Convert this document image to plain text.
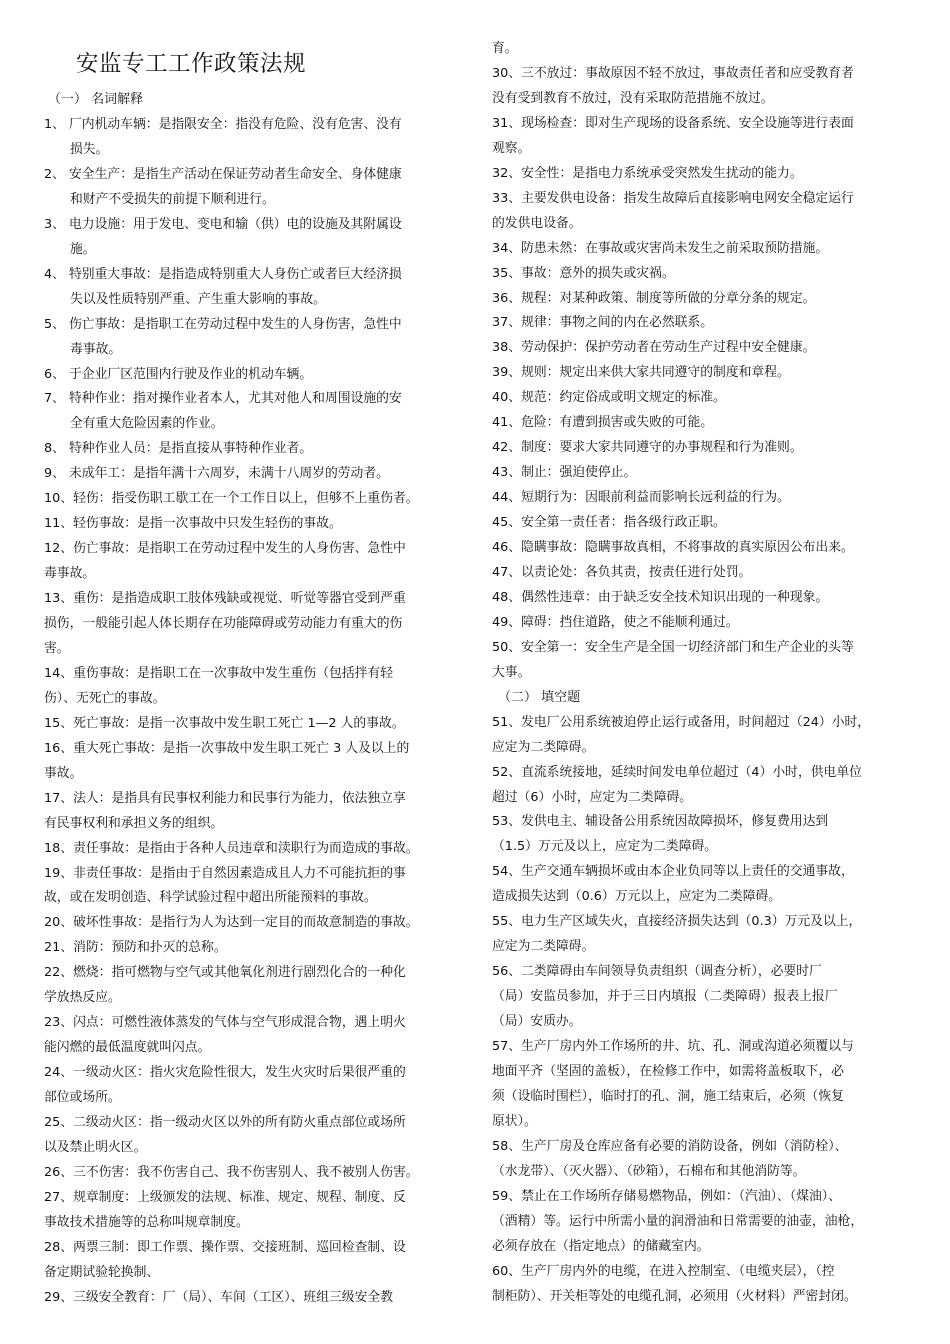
安监专工工作政策法规
（一） 名词解释
1、 厂内机动车辆：是指限安全：指没有危险、没有危害、没有
损失。
2、 安全生产：是指生产活动在保证劳动者生命安全、身体健康
和财产不受损失的前提下顺利进行。
3、 电力设施：用于发电、变电和输（供）电的设施及其附属设
施。
4、 特别重大事故：是指造成特别重大人身伤亡或者巨大经济损
失以及性质特别严重、产生重大影响的事故。
5、 伤亡事故：是指职工在劳动过程中发生的人身伤害，急性中
毒事故。
6、 于企业厂区范围内行驶及作业的机动车辆。
7、 特种作业：指对操作业者本人，尤其对他人和周围设施的安
全有重大危险因素的作业。
8、 特种作业人员：是指直接从事特种作业者。
9、 未成年工：是指年满十六周岁，未满十八周岁的劳动者。
10、轻伤：指受伤职工歇工在一个工作日以上，但够不上重伤者。
11、轻伤事故：是指一次事故中只发生轻伤的事故。
12、伤亡事故：是指职工在劳动过程中发生的人身伤害、急性中
毒事故。
13、重伤：是指造成职工肢体残缺或视觉、听觉等器官受到严重
损伤，一般能引起人体长期存在功能障碍或劳动能力有重大的伤
害。
14、重伤事故：是指职工在一次事故中发生重伤（包括拌有轻
伤）、无死亡的事故。
15、死亡事故：是指一次事故中发生职工死亡 1—2 人的事故。
16、重大死亡事故：是指一次事故中发生职工死亡 3 人及以上的
事故。
17、法人：是指具有民事权利能力和民事行为能力，依法独立享
有民事权利和承担义务的组织。
18、责任事故：是指由于各种人员违章和渎职行为而造成的事故。
19、非责任事故：是指由于自然因素造成且人力不可能抗拒的事
故，或在发明创造、科学试验过程中超出所能预料的事故。
20、破坏性事故：是指行为人为达到一定目的而故意制造的事故。
21、消防：预防和扑灭的总称。
22、燃烧：指可燃物与空气或其他氧化剂进行剧烈化合的一种化
学放热反应。
23、闪点：可燃性液体蒸发的气体与空气形成混合物，遇上明火
能闪燃的最低温度就叫闪点。
24、一级动火区：指火灾危险性很大，发生火灾时后果很严重的
部位或场所。
25、二级动火区：指一级动火区以外的所有防火重点部位或场所
以及禁止明火区。
26、三不伤害：我不伤害自己、我不伤害别人、我不被别人伤害。
27、规章制度：上级颁发的法规、标准、规定、规程、制度、反
事故技术措施等的总称叫规章制度。
28、两票三制：即工作票、操作票、交接班制、巡回检查制、设
备定期试验轮换制、
29、三级安全教育：厂（局）、车间（工区）、班组三级安全教
育。
30、三不放过：事故原因不轻不放过，事故责任者和应受教育者
没有受到教育不放过，没有采取防范措施不放过。
31、现场检查：即对生产现场的设备系统、安全设施等进行表面
观察。
32、安全性：是指电力系统承受突然发生扰动的能力。
33、主要发供电设备：指发生故障后直接影响电网安全稳定运行
的发供电设备。
34、防患未然：在事故或灾害尚未发生之前采取预防措施。
35、事故：意外的损失或灾祸。
36、规程：对某种政策、制度等所做的分章分条的规定。
37、规律：事物之间的内在必然联系。
38、劳动保护：保护劳动者在劳动生产过程中安全健康。
39、规则：规定出来供大家共同遵守的制度和章程。
40、规范：约定俗成或明文规定的标准。
41、危险：有遭到损害或失败的可能。
42、制度：要求大家共同遵守的办事规程和行为准则。
43、制止：强迫使停止。
44、短期行为：因眼前利益而影响长远利益的行为。
45、安全第一责任者：指各级行政正职。
46、隐瞒事故：隐瞒事故真相，不将事故的真实原因公布出来。
47、以责论处：各负其责，按责任进行处罚。
48、偶然性违章：由于缺乏安全技术知识出现的一种现象。
49、障碍：挡住道路，使之不能顺利通过。
50、安全第一：安全生产是全国一切经济部门和生产企业的头等
大事。
（二） 填空题
51、发电厂公用系统被迫停止运行或备用，时间超过（24）小时，
应定为二类障碍。
52、直流系统接地，延续时间发电单位超过（4）小时，供电单位
超过（6）小时，应定为二类障碍。
53、发供电主、辅设备公用系统因故障损坏，修复费用达到
（1.5）万元及以上，应定为二类障碍。
54、生产交通车辆损坏或由本企业负同等以上责任的交通事故，
造成损失达到（0.6）万元以上，应定为二类障碍。
55、电力生产区域失火，直接经济损失达到（0.3）万元及以上，
应定为二类障碍。
56、二类障碍由车间领导负责组织（调查分析），必要时厂
（局）安监员参加，并于三日内填报（二类障碍）报表上报厂
（局）安质办。
57、生产厂房内外工作场所的井、坑、孔、洞或沟道必须覆以与
地面平齐（坚固的盖板），在检修工作中，如需将盖板取下，必
须（设临时围栏），临时打的孔、洞，施工结束后，必须（恢复
原状）。
58、生产厂房及仓库应备有必要的消防设备，例如（消防栓）、
（水龙带）、（灭火器）、（砂箱），石棉布和其他消防等。
59、禁止在工作场所存储易燃物品，例如：（汽油）、（煤油）、
（酒精）等。运行中所需小量的润滑油和日常需要的油壶，油枪，
必须存放在（指定地点）的储藏室内。
60、生产厂房内外的电缆，在进入控制室、（电缆夹层），（控
制柜防）、开关柜等处的电缆孔洞，必须用（火材料）严密封闭。
